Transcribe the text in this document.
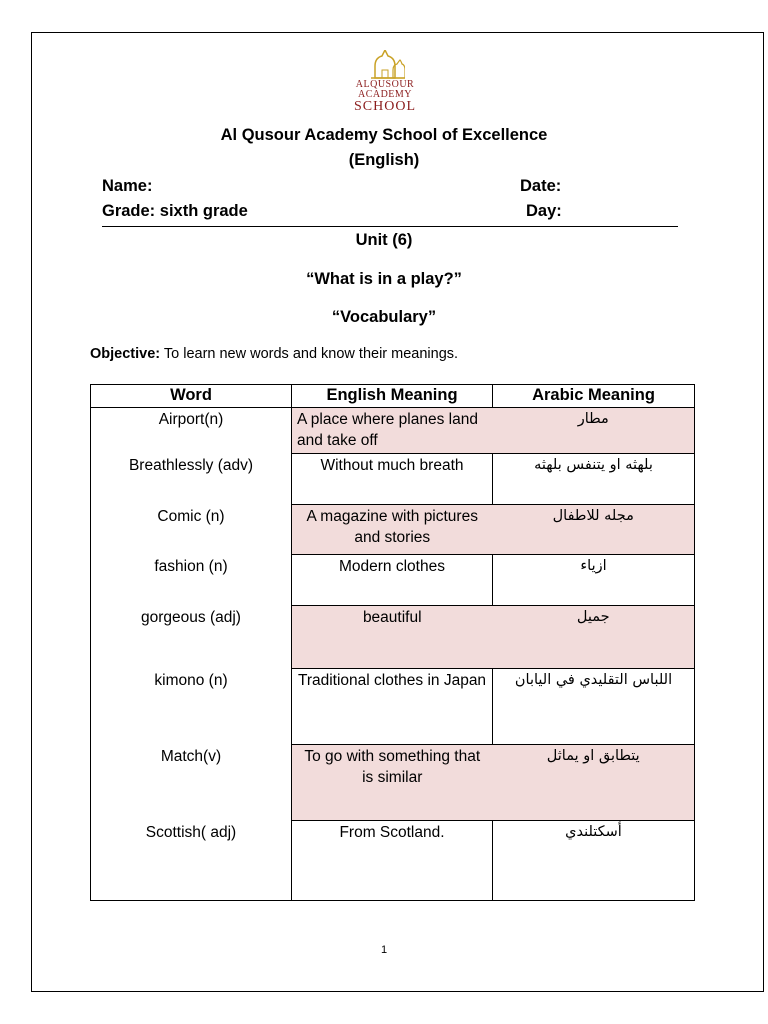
ALQUSOUR
ACADEMY
SCHOOL
Al Qusour Academy School of Excellence
(English)
Name:	Date:
Grade: sixth grade	Day:
Unit (6)
“What is in a play?”
“Vocabulary”
Objective: To learn new words and know their meanings.
Word	English Meaning	Arabic Meaning
Airport(n)	A place where planes land and take off	مطار
Breathlessly (adv)	Without much breath	بلهثه او يتنفس بلهثه
Comic (n)	A magazine with pictures and stories	مجله للاطفال
fashion (n)	Modern clothes	ازياء
gorgeous (adj)	beautiful	جميل
kimono (n)	Traditional clothes in Japan	اللباس التقليدي في اليابان
Match(v)	To go with something that is similar	يتطابق او يماثل
Scottish( adj)	From Scotland.	أسكتلندي
1
